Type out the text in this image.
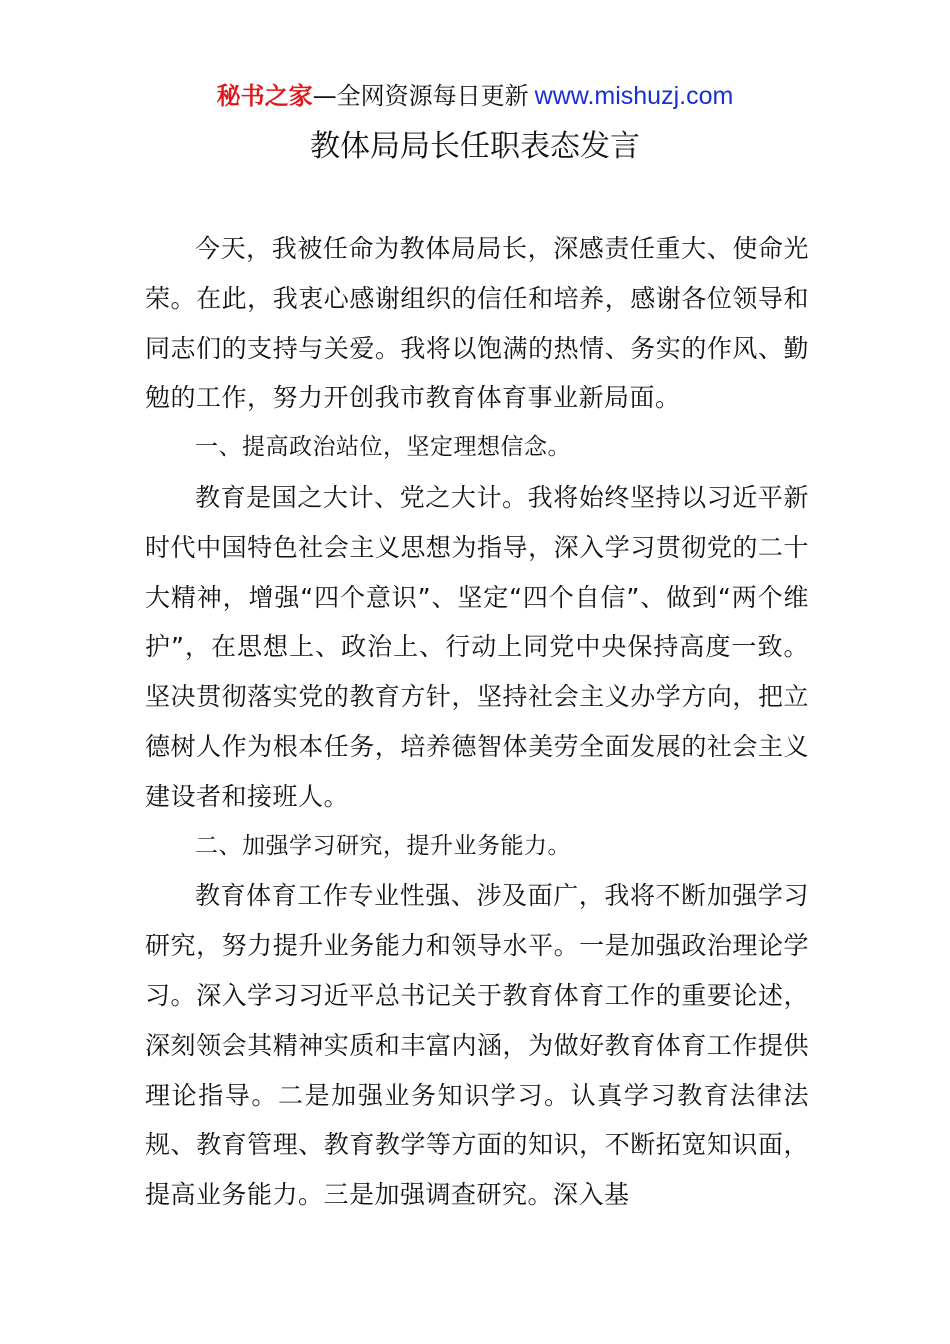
秘书之家—全网资源每日更新 www.mishuzj.com
教体局局长任职表态发言

今天，我被任命为教体局局长，深感责任重大、使命光荣。在此，我衷心感谢组织的信任和培养，感谢各位领导和同志们的支持与关爱。我将以饱满的热情、务实的作风、勤勉的工作，努力开创我市教育体育事业新局面。

一、提高政治站位，坚定理想信念。

教育是国之大计、党之大计。我将始终坚持以习近平新时代中国特色社会主义思想为指导，深入学习贯彻党的二十大精神，增强“四个意识”、坚定“四个自信”、做到“两个维护”，在思想上、政治上、行动上同党中央保持高度一致。坚决贯彻落实党的教育方针，坚持社会主义办学方向，把立德树人作为根本任务，培养德智体美劳全面发展的社会主义建设者和接班人。

二、加强学习研究，提升业务能力。

教育体育工作专业性强、涉及面广，我将不断加强学习研究，努力提升业务能力和领导水平。一是加强政治理论学习。深入学习习近平总书记关于教育体育工作的重要论述，深刻领会其精神实质和丰富内涵，为做好教育体育工作提供理论指导。二是加强业务知识学习。认真学习教育法律法规、教育管理、教育教学等方面的知识，不断拓宽知识面，提高业务能力。三是加强调查研究。深入基
